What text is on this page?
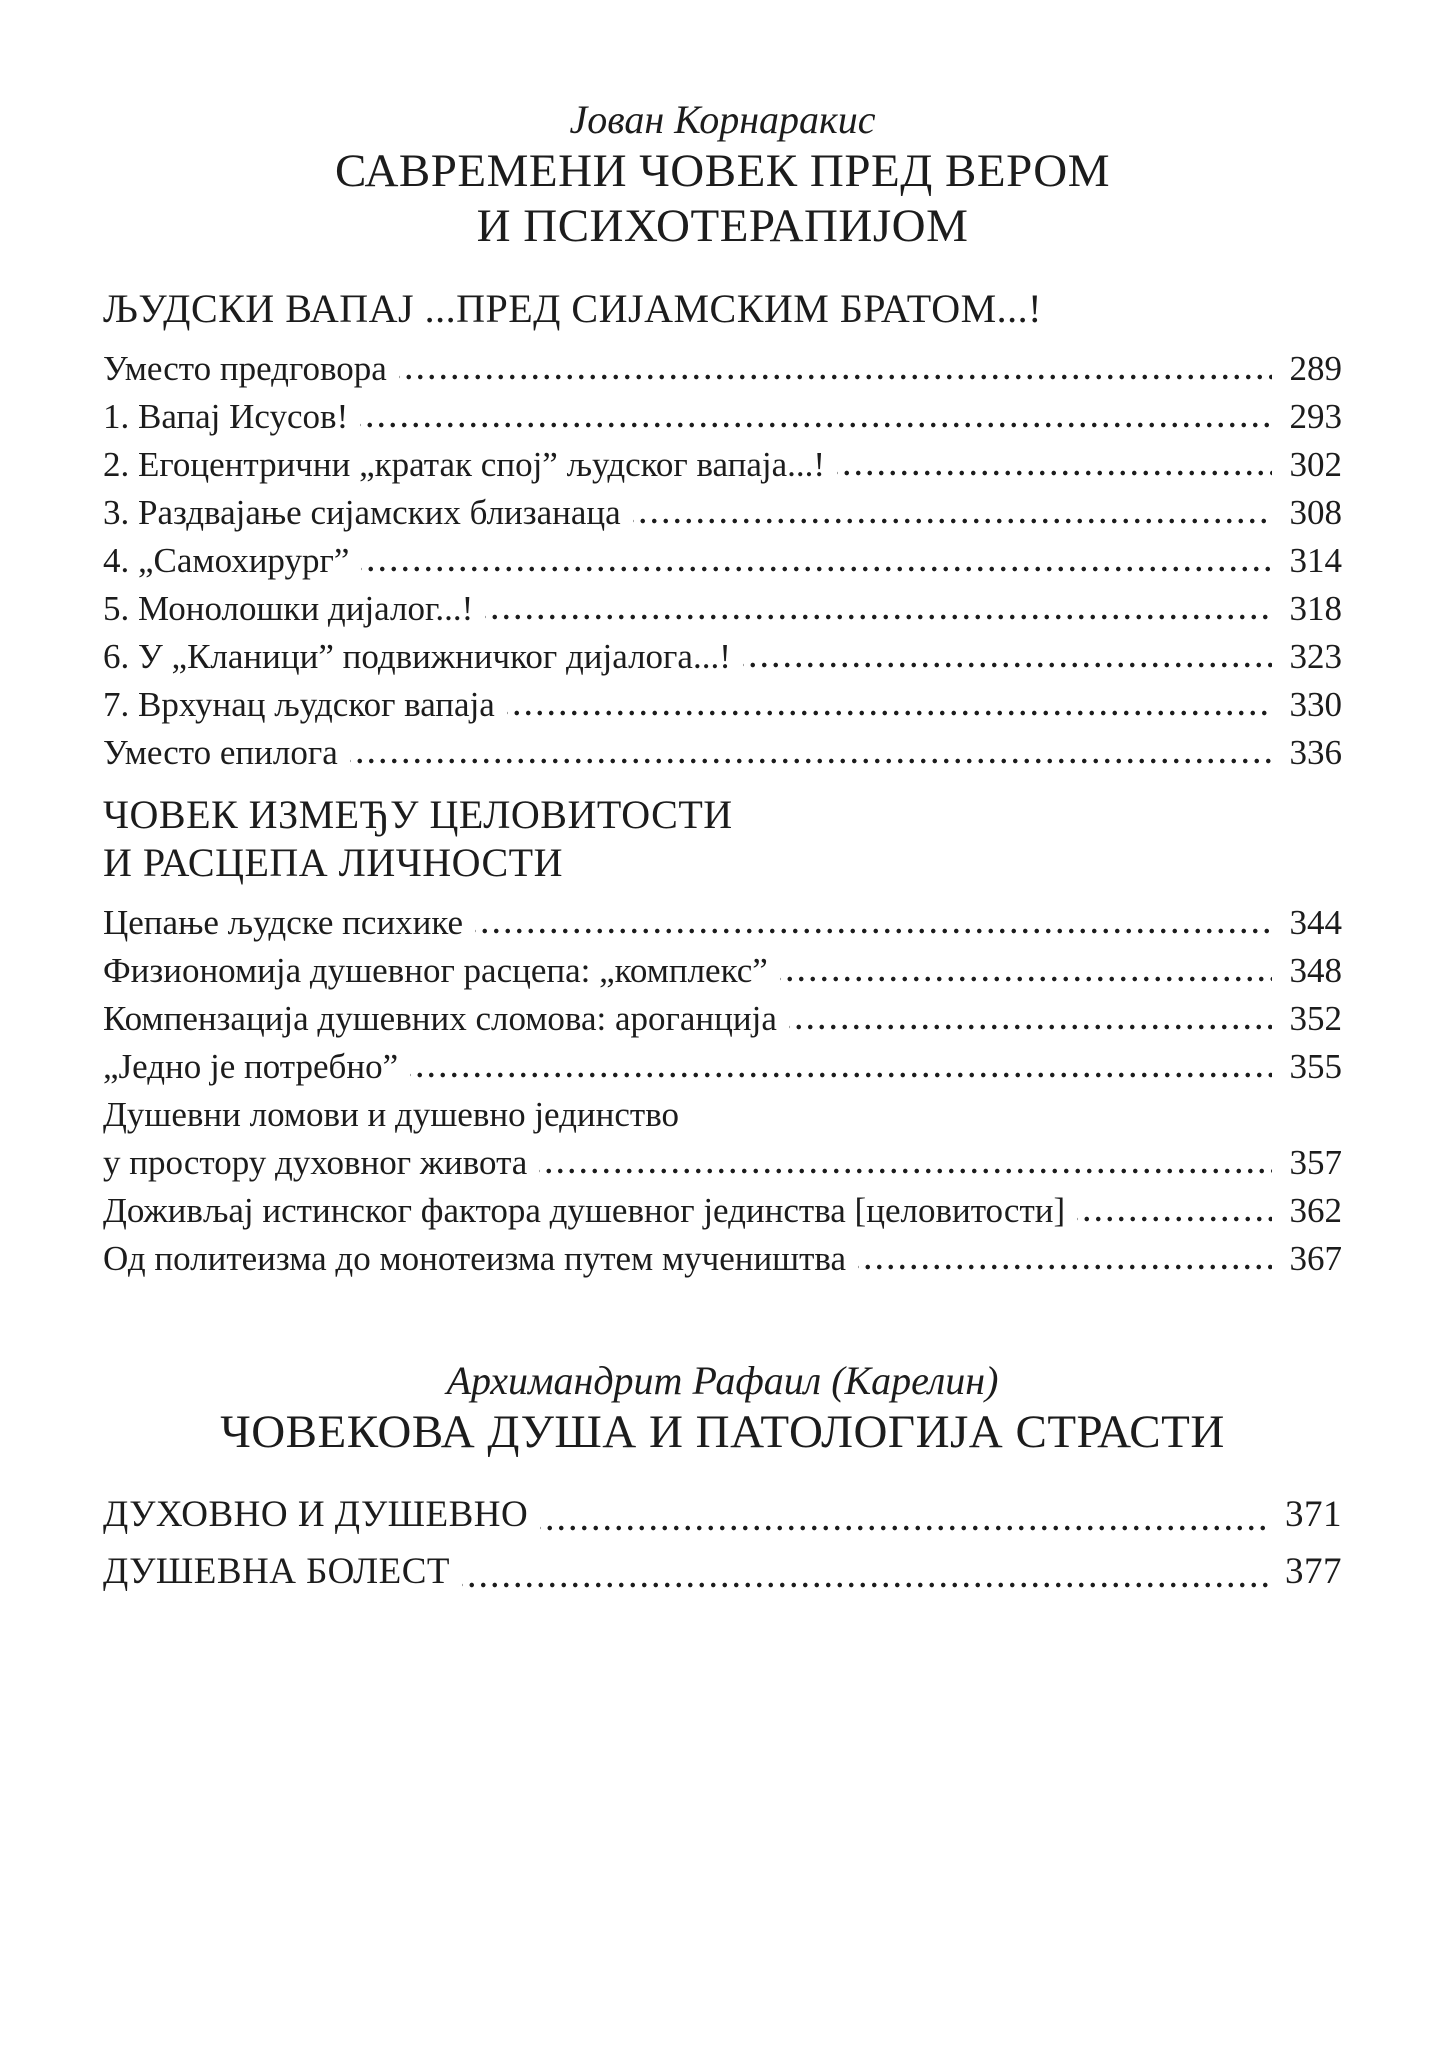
Јован Корнаракис
САВРЕМЕНИ ЧОВЕК ПРЕД ВЕРОМ
И ПСИХОТЕРАПИЈОМ
ЉУДСКИ ВАПАЈ ...ПРЕД СИЈАМСКИМ БРАТОМ...!
Уместо предговора	289
1. Вапај Исусов!	293
2. Егоцентрични „кратак спој” људског вапаја...!	302
3. Раздвајање сијамских близанаца	308
4. „Самохирург”	314
5. Монолошки дијалог...!	318
6. У „Кланици” подвижничког дијалога...!	323
7. Врхунац људског вапаја	330
Уместо епилога	336
ЧОВЕК ИЗМЕЂУ ЦЕЛОВИТОСТИ
И РАСЦЕПА ЛИЧНОСТИ
Цепање људске психике	344
Физиономија душевног расцепа: „комплекс”	348
Компензација душевних сломова: ароганција	352
„Једно је потребно”	355
Душевни ломови и душевно јединство
у простору духовног живота	357
Доживљај истинског фактора душевног јединства [целовитости]	362
Од политеизма до монотеизма путем мучеништва	367
Архимандрит Рафаил (Карелин)
ЧОВЕКОВА ДУША И ПАТОЛОГИЈА СТРАСТИ
ДУХОВНО И ДУШЕВНО	371
ДУШЕВНА БОЛЕСТ	377
